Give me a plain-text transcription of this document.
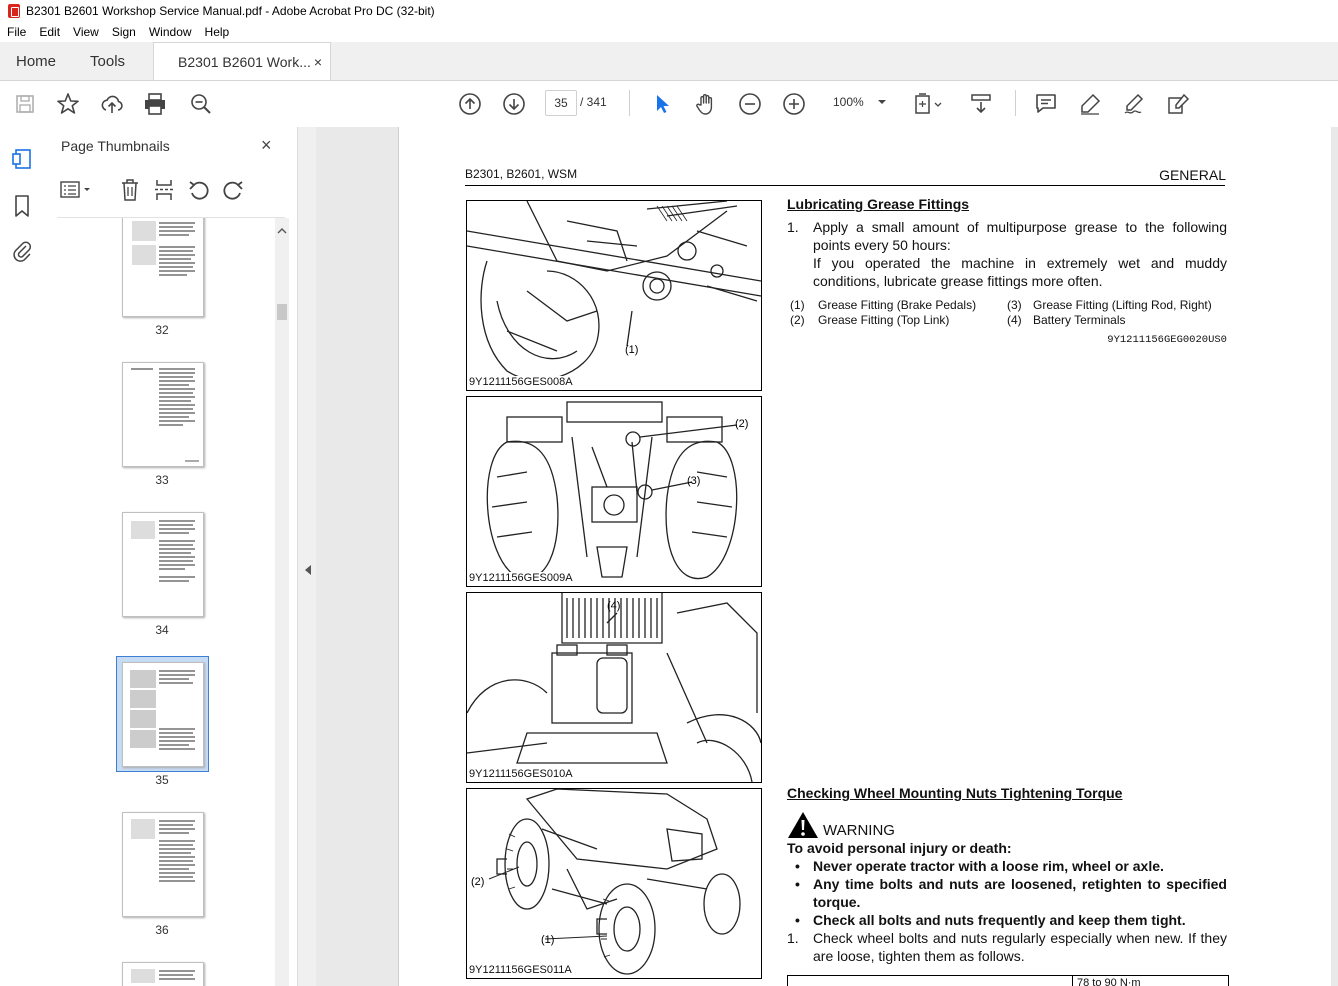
B2301 B2601 Workshop Service Manual.pdf - Adobe Acrobat Pro DC (32-bit)
File	Edit	View	Sign	Window	Help
Home	Tools	B2301 B2601 Work... ×
35	/ 341	100%
Page Thumbnails	×
32
33
34
35
36
B2301, B2601, WSM	GENERAL
(1)
9Y1211156GES008A
(2)
(3)
9Y1211156GES009A
(4)
9Y1211156GES010A
(2)
(1)
9Y1211156GES011A
Lubricating Grease Fittings
1.	Apply a small amount of multipurpose grease to the following points every 50 hours:
If you operated the machine in extremely wet and muddy conditions, lubricate grease fittings more often.
(1)	Grease Fitting (Brake Pedals)	(3) Grease Fitting (Lifting Rod, Right)
(2)	Grease Fitting (Top Link)	(4) Battery Terminals
9Y1211156GEG0020US0
Checking Wheel Mounting Nuts Tightening Torque
WARNING
To avoid personal injury or death:
• Never operate tractor with a loose rim, wheel or axle.
• Any time bolts and nuts are loosened, retighten to specified torque.
• Check all bolts and nuts frequently and keep them tight.
1.	Check wheel bolts and nuts regularly especially when new. If they are loose, tighten them as follows.
78 to 90 N·m
